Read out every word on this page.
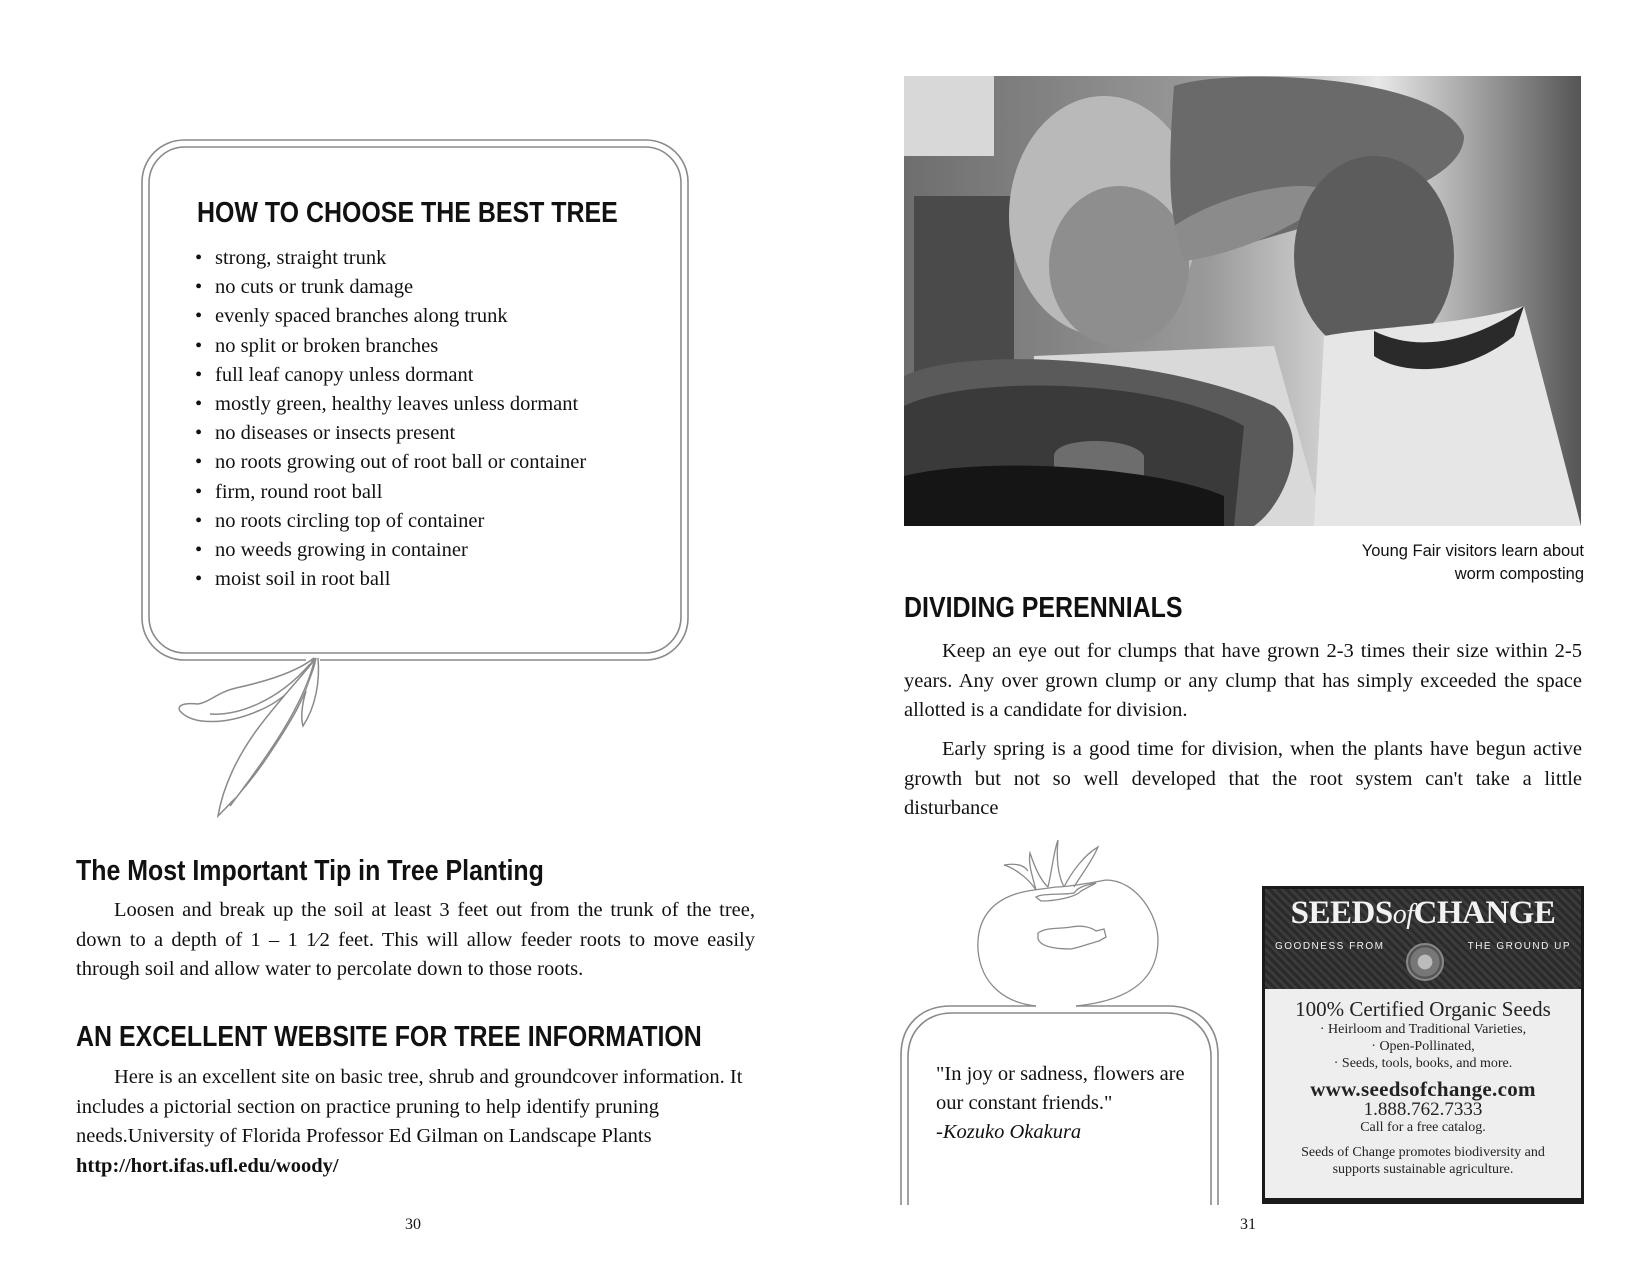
HOW TO CHOOSE THE BEST TREE
• strong, straight trunk
• no cuts or trunk damage
• evenly spaced branches along trunk
• no split or broken branches
• full leaf canopy unless dormant
• mostly green, healthy leaves unless dormant
• no diseases or insects present
• no roots growing out of root ball or container
• firm, round root ball
• no roots circling top of container
• no weeds growing in container
• moist soil in root ball
The Most Important Tip in Tree Planting

Loosen and break up the soil at least 3 feet out from the trunk of the tree, down to a depth of 1 – 1 1⁄2 feet. This will allow feeder roots to move easily through soil and allow water to percolate down to those roots.

AN EXCELLENT WEBSITE FOR TREE INFORMATION

Here is an excellent site on basic tree, shrub and groundcover information. It includes a pictorial section on practice pruning to help identify pruning needs.University of Florida Professor Ed Gilman on Landscape Plants
http://hort.ifas.ufl.edu/woody/

30
Young Fair visitors learn about
worm composting
DIVIDING PERENNIALS

Keep an eye out for clumps that have grown 2-3 times their size within 2-5 years. Any over grown clump or any clump that has simply exceeded the space allotted is a candidate for division.

Early spring is a good time for division, when the plants have begun active growth but not so well developed that the root system can't take a little disturbance

"In joy or sadness, flowers are
our constant friends."
-Kozuko Okakura
SEEDSofCHANGE
GOODNESS FROM	THE GROUND UP
100% Certified Organic Seeds
· Heirloom and Traditional Varieties,
· Open-Pollinated,
· Seeds, tools, books, and more.
www.seedsofchange.com
1.888.762.7333
Call for a free catalog.
Seeds of Change promotes biodiversity and
supports sustainable agriculture.
31
